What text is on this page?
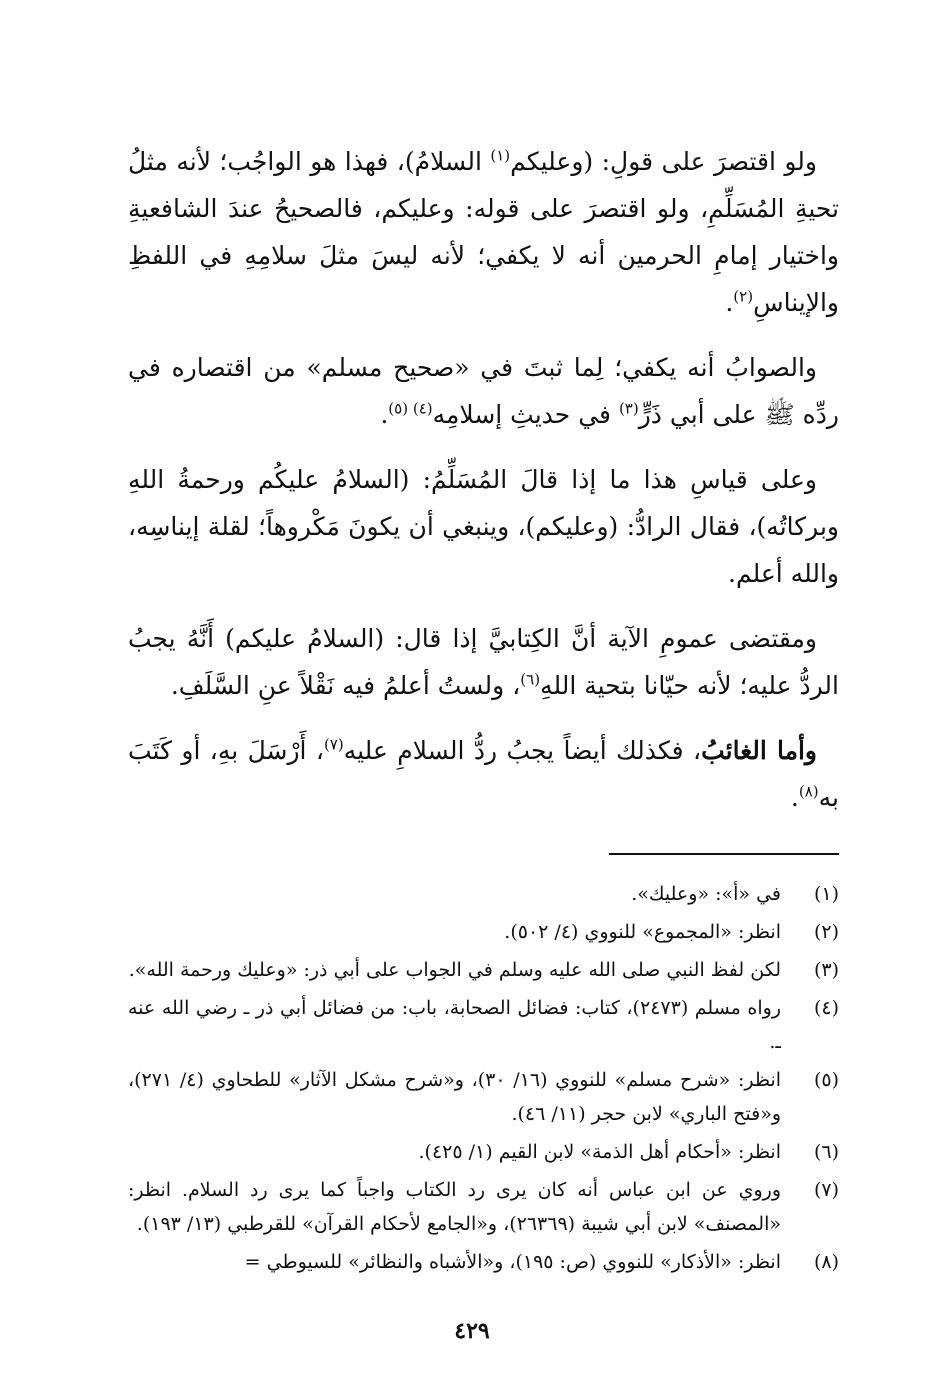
ولو اقتصرَ على قولِ: (وعليكم$^{(١)}$ السلامُ)، فهذا هو الواجُب؛ لأنه مثلُ تحيةِ المُسَلِّمِ، ولو اقتصرَ على قوله: وعليكم، فالصحيحُ عندَ الشافعيةِ واختيار إمامِ الحرمين أنه لا يكفي؛ لأنه ليسَ مثلَ سلامِهِ في اللفظِ والإيناسِ$^{(٢)}$.

والصوابُ أنه يكفي؛ لِما ثبتَ في «صحيح مسلم» من اقتصاره في ردِّه ﷺ على أبي ذَرٍّ$^{(٣)}$ في حديثِ إسلامِه$^{(٤) (٥)}$.

وعلى قياسِ هذا ما إذا قالَ المُسَلِّمُ: (السلامُ عليكُم ورحمةُ اللهِ وبركاتُه)، فقال الرادُّ: (وعليكم)، وينبغي أن يكونَ مَكْروهاً؛ لقلة إيناسِه، والله أعلم.

ومقتضى عمومِ الآية أنَّ الكِتابيَّ إذا قال: (السلامُ عليكم) أَنَّهُ يجبُ الردُّ عليه؛ لأنه حيّانا بتحية اللهِ$^{(٦)}$، ولستُ أعلمُ فيه نَقْلاً عنِ السَّلَفِ.

وأما الغائبُ، فكذلك أيضاً يجبُ ردُّ السلامِ عليه$^{(٧)}$، أَرْسَلَ بهِ، أو كَتَبَ به$^{(٨)}$.

(١)
في «أ»: «وعليك».
(٢)
انظر: «المجموع» للنووي (٤/ ٥٠٢).
(٣)
لكن لفظ النبي صلى الله عليه وسلم في الجواب على أبي ذر: «وعليك ورحمة الله».
(٤)
رواه مسلم (٢٤٧٣)، كتاب: فضائل الصحابة، باب: من فضائل أبي ذر ـ رضي الله عنه ـ.
(٥)
انظر: «شرح مسلم» للنووي (١٦/ ٣٠)، و«شرح مشكل الآثار» للطحاوي (٤/ ٢٧١)، و«فتح الباري» لابن حجر (١١/ ٤٦).
(٦)
انظر: «أحكام أهل الذمة» لابن القيم (١/ ٤٢٥).
(٧)
وروي عن ابن عباس أنه كان يرى رد الكتاب واجباً كما يرى رد السلام. انظر: «المصنف» لابن أبي شيبة (٢٦٣٦٩)، و«الجامع لأحكام القرآن» للقرطبي (١٣/ ١٩٣).
(٨)
انظر: «الأذكار» للنووي (ص: ١٩٥)، و«الأشباه والنظائر» للسيوطي =
٤٢٩
